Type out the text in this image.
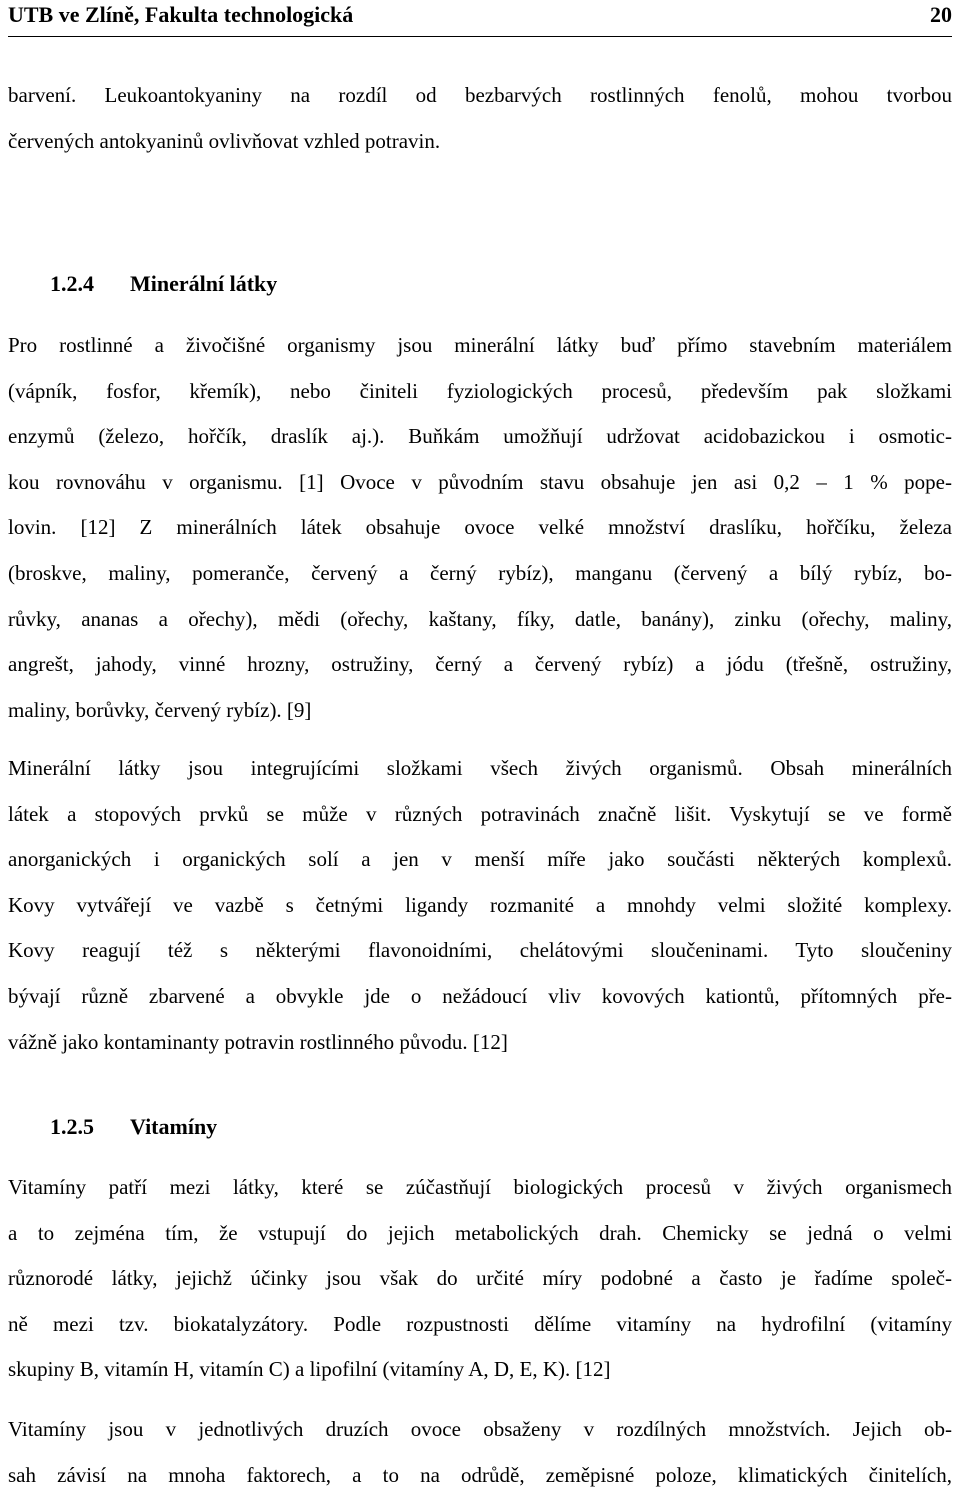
UTB ve Zlíně, Fakulta technologická	20
barvení. Leukoantokyaniny na rozdíl od bezbarvých rostlinných fenolů, mohou tvorbou
červených antokyaninů ovlivňovat vzhled potravin.
1.2.4 Minerální látky
Pro rostlinné a živočišné organismy jsou minerální látky buď přímo stavebním materiálem
(vápník, fosfor, křemík), nebo činiteli fyziologických procesů, především pak složkami
enzymů (železo, hořčík, draslík aj.). Buňkám umožňují udržovat acidobazickou i osmotic-
kou rovnováhu v organismu. [1] Ovoce v původním stavu obsahuje jen asi 0,2 – 1 % pope-
lovin. [12] Z minerálních látek obsahuje ovoce velké množství draslíku, hořčíku, železa
(broskve, maliny, pomeranče, červený a černý rybíz), manganu (červený a bílý rybíz, bo-
růvky, ananas a ořechy), mědi (ořechy, kaštany, fíky, datle, banány), zinku (ořechy, maliny,
angrešt, jahody, vinné hrozny, ostružiny, černý a červený rybíz) a jódu (třešně, ostružiny,
maliny, borůvky, červený rybíz). [9]
Minerální látky jsou integrujícími složkami všech živých organismů. Obsah minerálních
látek a stopových prvků se může v různých potravinách značně lišit. Vyskytují se ve formě
anorganických i organických solí a jen v menší míře jako součásti některých komplexů.
Kovy vytvářejí ve vazbě s četnými ligandy rozmanité a mnohdy velmi složité komplexy.
Kovy reagují též s některými flavonoidními, chelátovými sloučeninami. Tyto sloučeniny
bývají různě zbarvené a obvykle jde o nežádoucí vliv kovových kationtů, přítomných pře-
vážně jako kontaminanty potravin rostlinného původu. [12]
1.2.5 Vitamíny
Vitamíny patří mezi látky, které se zúčastňují biologických procesů v živých organismech
a to zejména tím, že vstupují do jejich metabolických drah. Chemicky se jedná o velmi
různorodé látky, jejichž účinky jsou však do určité míry podobné a často je řadíme společ-
ně mezi tzv. biokatalyzátory. Podle rozpustnosti dělíme vitamíny na hydrofilní (vitamíny
skupiny B, vitamín H, vitamín C) a lipofilní (vitamíny A, D, E, K). [12]
Vitamíny jsou v jednotlivých druzích ovoce obsaženy v rozdílných množstvích. Jejich ob-
sah závisí na mnoha faktorech, a to na odrůdě, zeměpisné poloze, klimatických činitelích,
